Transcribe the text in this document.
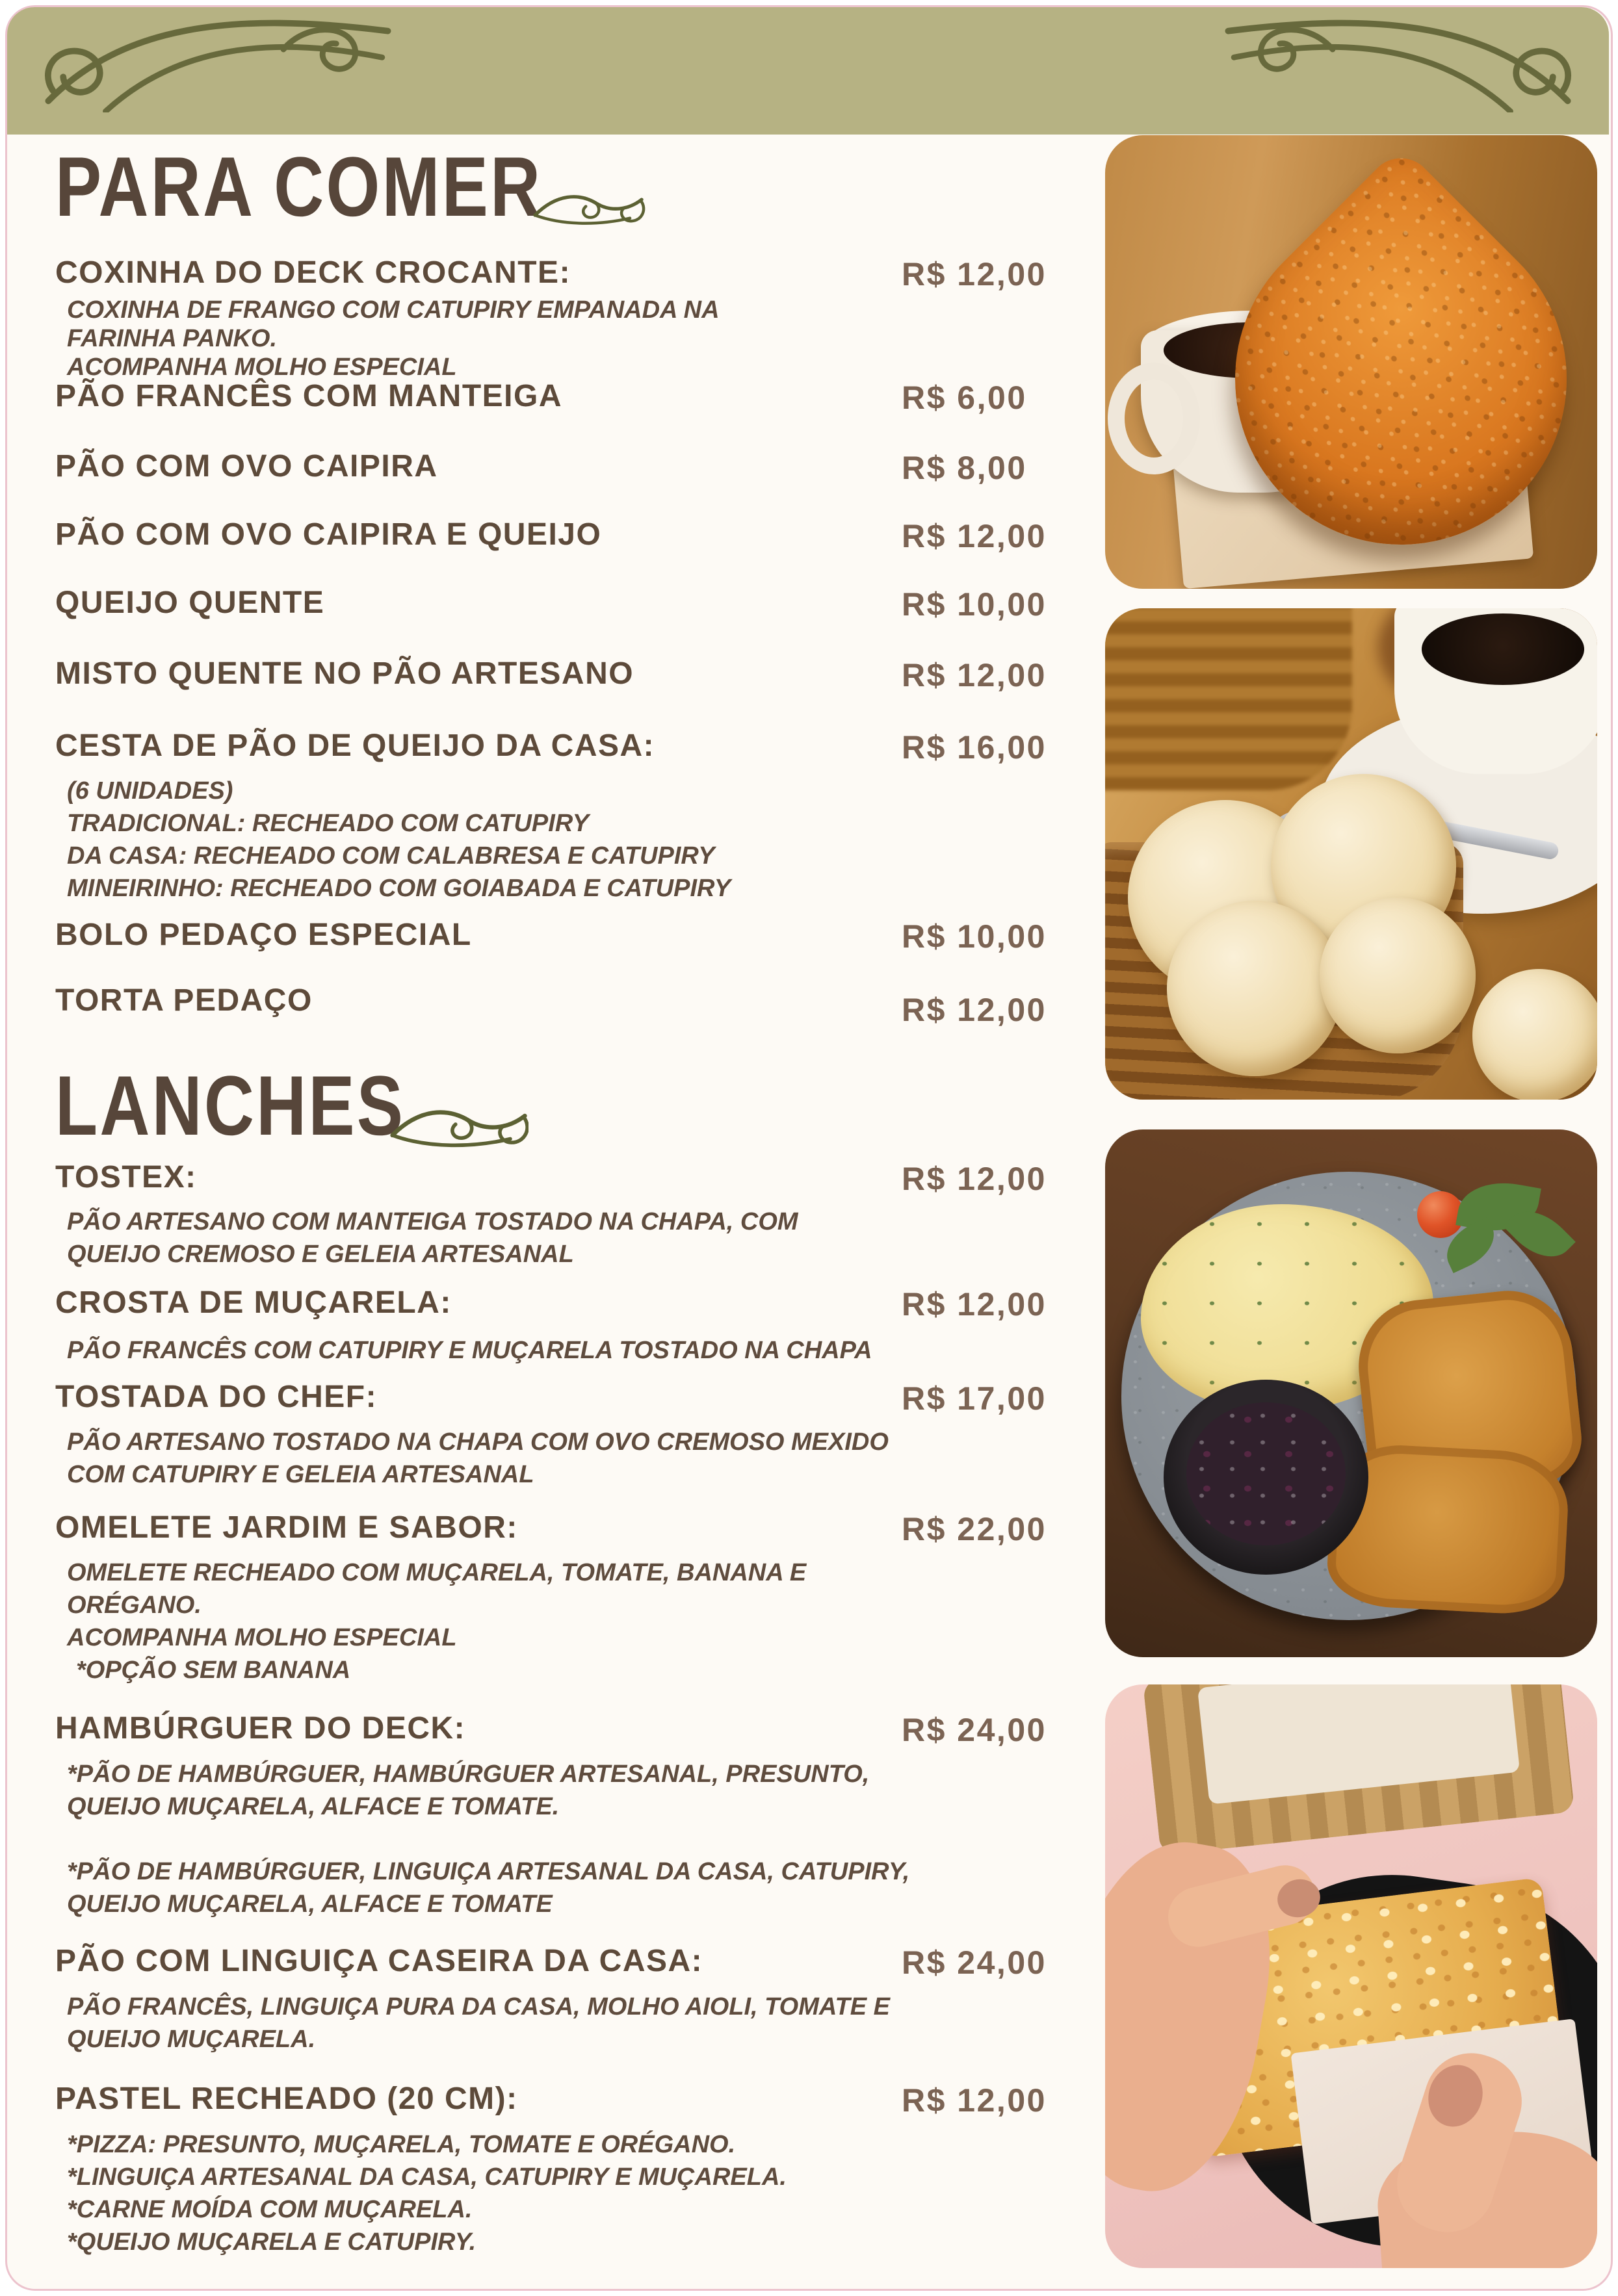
PARA COMER
COXINHA DO DECK CROCANTE:	R$ 12,00
COXINHA DE FRANGO COM CATUPIRY EMPANADA NA
FARINHA PANKO.
ACOMPANHA MOLHO ESPECIAL
PÃO FRANCÊS COM MANTEIGA	R$ 6,00
PÃO COM OVO CAIPIRA	R$ 8,00
PÃO COM OVO CAIPIRA E QUEIJO	R$ 12,00
QUEIJO QUENTE	R$ 10,00
MISTO QUENTE NO PÃO ARTESANO	R$ 12,00
CESTA DE PÃO DE QUEIJO DA CASA:	R$ 16,00
(6 UNIDADES)
TRADICIONAL: RECHEADO COM CATUPIRY
DA CASA: RECHEADO COM CALABRESA E CATUPIRY
MINEIRINHO: RECHEADO COM GOIABADA E CATUPIRY
BOLO PEDAÇO ESPECIAL	R$ 10,00
TORTA PEDAÇO	R$ 12,00
LANCHES
TOSTEX:	R$ 12,00
PÃO ARTESANO COM MANTEIGA TOSTADO NA CHAPA, COM
QUEIJO CREMOSO E GELEIA ARTESANAL
CROSTA DE MUÇARELA:	R$ 12,00
PÃO FRANCÊS COM CATUPIRY E MUÇARELA TOSTADO NA CHAPA
TOSTADA DO CHEF:	R$ 17,00
PÃO ARTESANO TOSTADO NA CHAPA COM OVO CREMOSO MEXIDO
COM CATUPIRY E GELEIA ARTESANAL
OMELETE JARDIM E SABOR:	R$ 22,00
OMELETE RECHEADO COM MUÇARELA, TOMATE, BANANA E
ORÉGANO.
ACOMPANHA MOLHO ESPECIAL
*OPÇÃO SEM BANANA
HAMBÚRGUER DO DECK:	R$ 24,00
*PÃO DE HAMBÚRGUER, HAMBÚRGUER ARTESANAL, PRESUNTO,
QUEIJO MUÇARELA, ALFACE E TOMATE.
*PÃO DE HAMBÚRGUER, LINGUIÇA ARTESANAL DA CASA, CATUPIRY,
QUEIJO MUÇARELA, ALFACE E TOMATE
PÃO COM LINGUIÇA CASEIRA DA CASA:	R$ 24,00
PÃO FRANCÊS, LINGUIÇA PURA DA CASA, MOLHO AIOLI, TOMATE E
QUEIJO MUÇARELA.
PASTEL RECHEADO (20 CM):	R$ 12,00
*PIZZA: PRESUNTO, MUÇARELA, TOMATE E ORÉGANO.
*LINGUIÇA ARTESANAL DA CASA, CATUPIRY E MUÇARELA.
*CARNE MOÍDA COM MUÇARELA.
*QUEIJO MUÇARELA E CATUPIRY.
